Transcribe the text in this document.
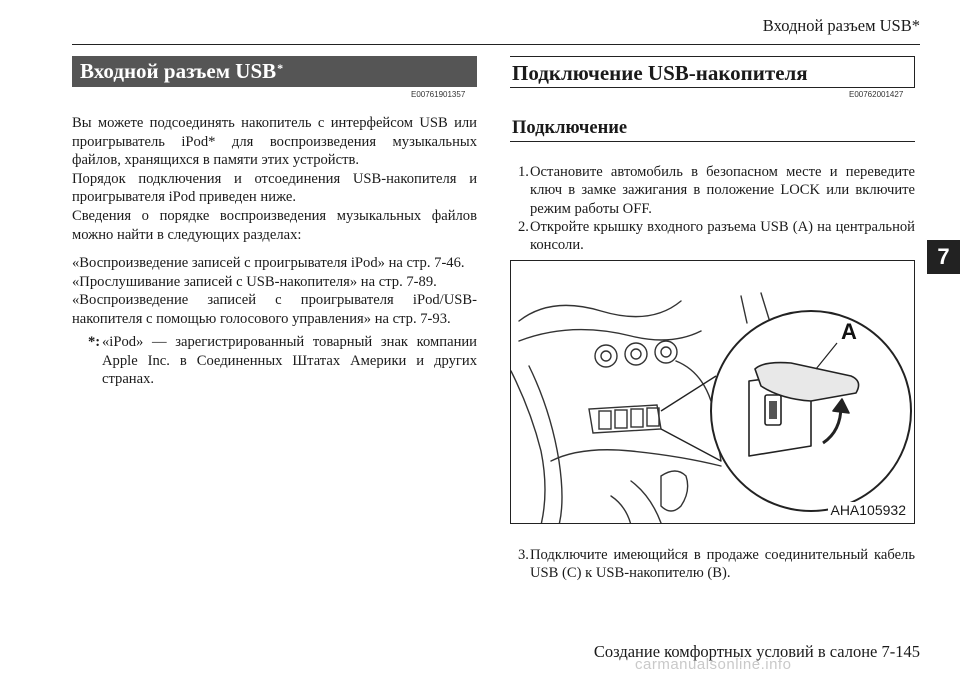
Входной разъем USB*
7
Входной разъем USB*
E00761901357

Вы можете подсоединять накопитель с интерфейсом USB или проигрыватель iPod* для воспроизведения музыкальных файлов, хранящихся в памяти этих устройств.

Порядок подключения и отсоединения USB-накопителя и проигрывателя iPod приведен ниже.

Сведения о порядке воспроизведения музыкальных файлов можно найти в следующих разделах:

«Воспроизведение записей с проигрывателя iPod» на стр. 7-46.

«Прослушивание записей с USB-накопителя» на стр. 7-89.

«Воспроизведение записей с проигрывателя iPod/USB-накопителя с помощью голосового управления» на стр. 7-93.

*: «iPod» — зарегистрированный товарный знак компании Apple Inc. в Соединенных Штатах Америки и других странах.
Подключение USB-накопителя
E00762001427
Подключение
1. Остановите автомобиль в безопасном месте и переведите ключ в замке зажигания в положение LOCK или включите режим работы OFF.
2. Откройте крышку входного разъема USB (A) на центральной консоли.
A
AHA105932
3. Подключите имеющийся в продаже соединительный кабель USB (C) к USB-накопителю (B).
Создание комфортных условий в салоне 7-145
carmanualsonline.info
